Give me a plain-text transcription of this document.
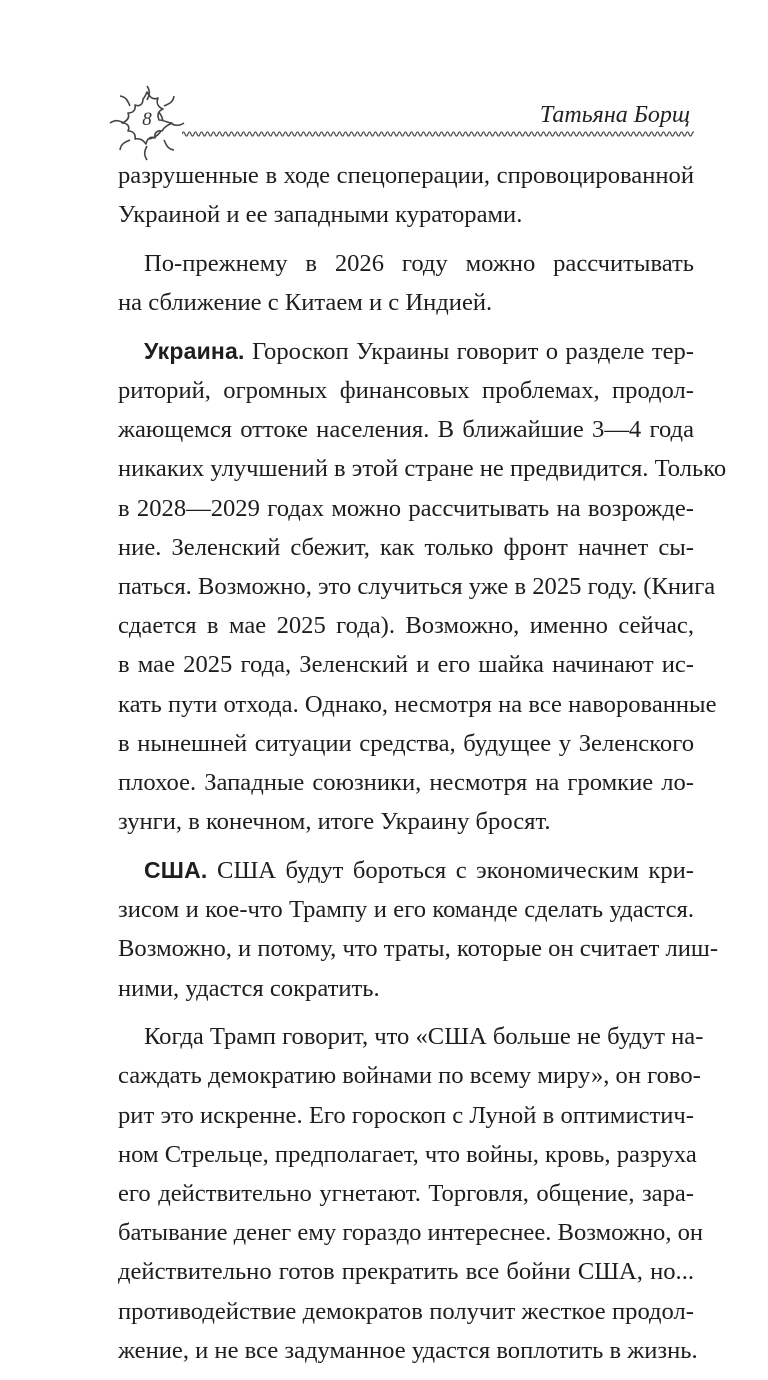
8	Татьяна Борщ
разрушенные в ходе спецоперации, спровоцированной
Украиной и ее западными кураторами.
По-прежнему в 2026 году можно рассчитывать
на сближение с Китаем и с Индией.
Украина. Гороскоп Украины говорит о разделе тер-
риторий, огромных финансовых проблемах, продол-
жающемся оттоке населения. В ближайшие 3—4 года
никаких улучшений в этой стране не предвидится. Только
в 2028—2029 годах можно рассчитывать на возрожде-
ние. Зеленский сбежит, как только фронт начнет сы-
паться. Возможно, это случиться уже в 2025 году. (Книга
сдается в мае 2025 года). Возможно, именно сейчас,
в мае 2025 года, Зеленский и его шайка начинают ис-
кать пути отхода. Однако, несмотря на все наворованные
в нынешней ситуации средства, будущее у Зеленского
плохое. Западные союзники, несмотря на громкие ло-
зунги, в конечном, итоге Украину бросят.
США. США будут бороться с экономическим кри-
зисом и кое-что Трампу и его команде сделать удастся.
Возможно, и потому, что траты, которые он считает лиш-
ними, удастся сократить.
Когда Трамп говорит, что «США больше не будут на-
саждать демократию войнами по всему миру», он гово-
рит это искренне. Его гороскоп с Луной в оптимистич-
ном Стрельце, предполагает, что войны, кровь, разруха
его действительно угнетают. Торговля, общение, зара-
батывание денег ему гораздо интереснее. Возможно, он
действительно готов прекратить все бойни США, но...
противодействие демократов получит жесткое продол-
жение, и не все задуманное удастся воплотить в жизнь.
